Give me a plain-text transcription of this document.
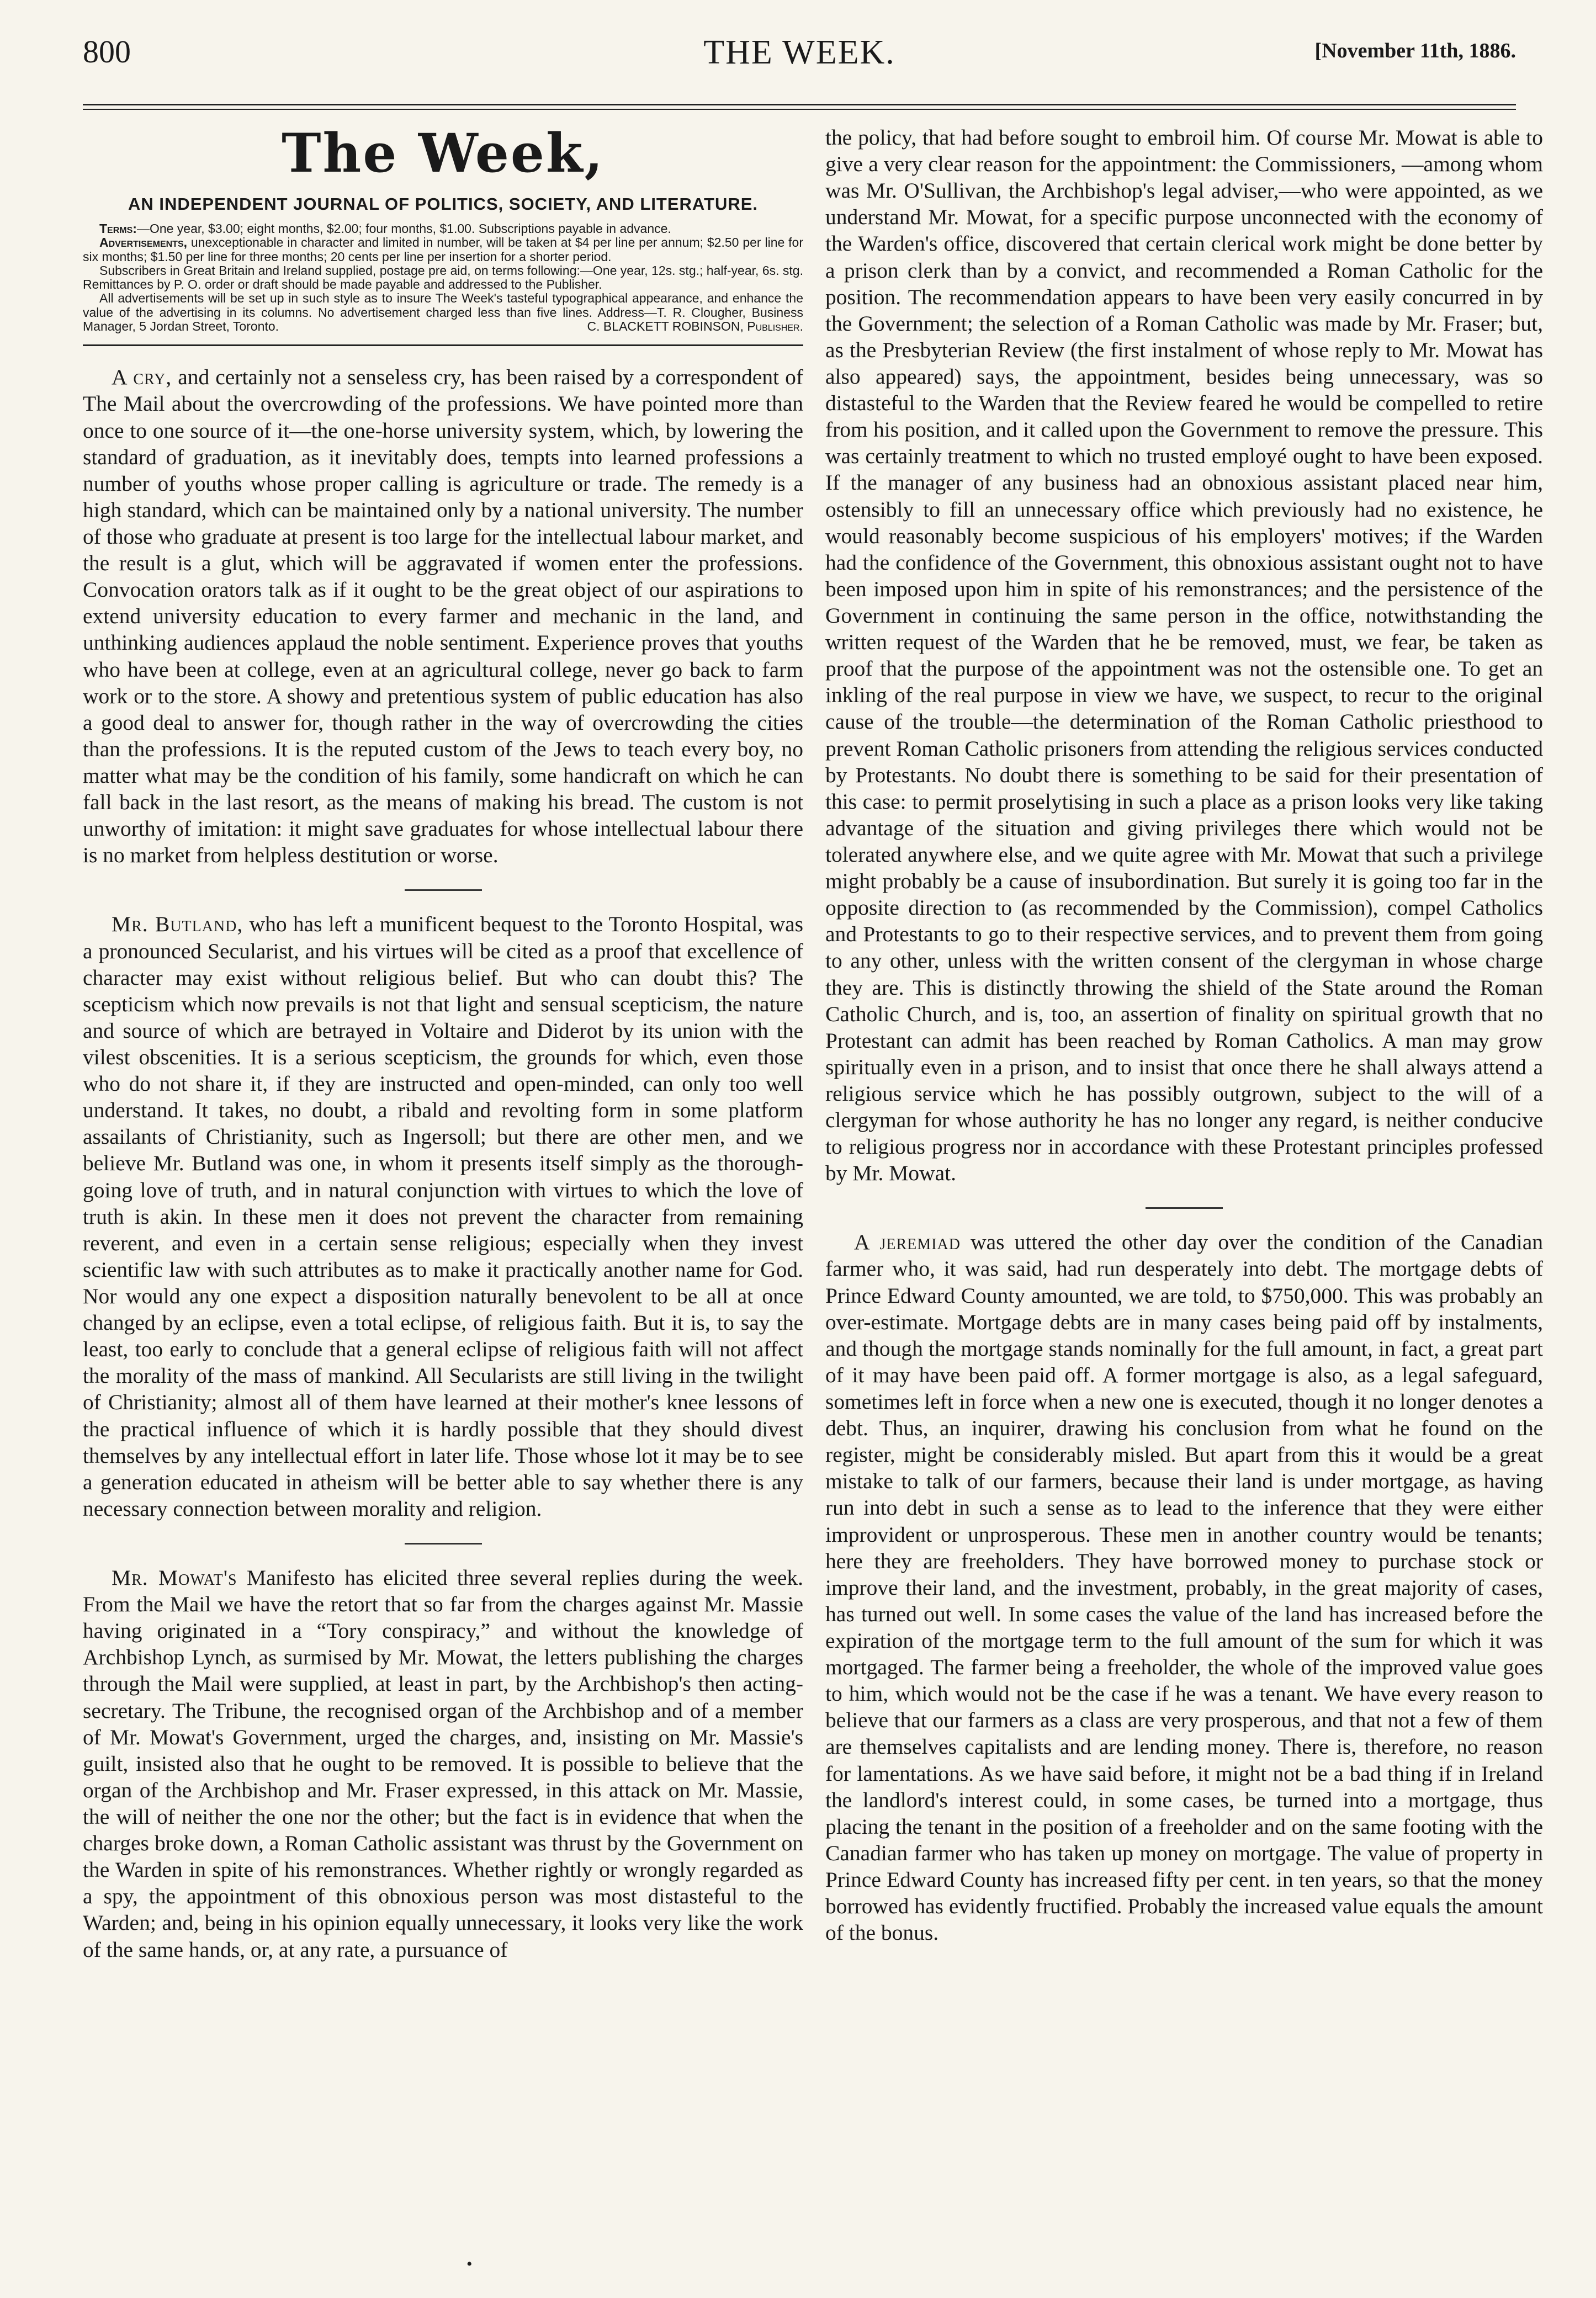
800	THE WEEK.	[November 11th, 1886.
The Week,
AN INDEPENDENT JOURNAL OF POLITICS, SOCIETY, AND LITERATURE.

Terms:—One year, $3.00; eight months, $2.00; four months, $1.00. Subscriptions payable in advance.

Advertisements, unexceptionable in character and limited in number, will be taken at $4 per line per annum; $2.50 per line for six months; $1.50 per line for three months; 20 cents per line per insertion for a shorter period.

Subscribers in Great Britain and Ireland supplied, postage pre aid, on terms following:—One year, 12s. stg.; half-year, 6s. stg. Remittances by P. O. order or draft should be made payable and addressed to the Publisher.

All advertisements will be set up in such style as to insure The Week's tasteful typographical appearance, and enhance the value of the advertising in its columns. No advertisement charged less than five lines. Address—T. R. Clougher, Business Manager, 5 Jordan Street, Toronto.	C. BLACKETT ROBINSON, Publisher.

A cry, and certainly not a senseless cry, has been raised by a correspondent of The Mail about the overcrowding of the professions. We have pointed more than once to one source of it—the one-horse university system, which, by lowering the standard of graduation, as it inevitably does, tempts into learned professions a number of youths whose proper calling is agriculture or trade. The remedy is a high standard, which can be maintained only by a national university. The number of those who graduate at present is too large for the intellectual labour market, and the result is a glut, which will be aggravated if women enter the professions. Convocation orators talk as if it ought to be the great object of our aspirations to extend university education to every farmer and mechanic in the land, and unthinking audiences applaud the noble sentiment. Experience proves that youths who have been at college, even at an agricultural college, never go back to farm work or to the store. A showy and pretentious system of public education has also a good deal to answer for, though rather in the way of overcrowding the cities than the professions. It is the reputed custom of the Jews to teach every boy, no matter what may be the condition of his family, some handicraft on which he can fall back in the last resort, as the means of making his bread. The custom is not unworthy of imitation: it might save graduates for whose intellectual labour there is no market from helpless destitution or worse.

Mr. Butland, who has left a munificent bequest to the Toronto Hospital, was a pronounced Secularist, and his virtues will be cited as a proof that excellence of character may exist without religious belief. But who can doubt this? The scepticism which now prevails is not that light and sensual scepticism, the nature and source of which are betrayed in Voltaire and Diderot by its union with the vilest obscenities. It is a serious scepticism, the grounds for which, even those who do not share it, if they are instructed and open-minded, can only too well understand. It takes, no doubt, a ribald and revolting form in some platform assailants of Christianity, such as Ingersoll; but there are other men, and we believe Mr. Butland was one, in whom it presents itself simply as the thorough-going love of truth, and in natural conjunction with virtues to which the love of truth is akin. In these men it does not prevent the character from remaining reverent, and even in a certain sense religious; especially when they invest scientific law with such attributes as to make it practically another name for God. Nor would any one expect a disposition naturally benevolent to be all at once changed by an eclipse, even a total eclipse, of religious faith. But it is, to say the least, too early to conclude that a general eclipse of religious faith will not affect the morality of the mass of mankind. All Secularists are still living in the twilight of Christianity; almost all of them have learned at their mother's knee lessons of the practical influence of which it is hardly possible that they should divest themselves by any intellectual effort in later life. Those whose lot it may be to see a generation educated in atheism will be better able to say whether there is any necessary connection between morality and religion.

Mr. Mowat's Manifesto has elicited three several replies during the week. From the Mail we have the retort that so far from the charges against Mr. Massie having originated in a “Tory conspiracy,” and without the knowledge of Archbishop Lynch, as surmised by Mr. Mowat, the letters publishing the charges through the Mail were supplied, at least in part, by the Archbishop's then acting-secretary. The Tribune, the recognised organ of the Archbishop and of a member of Mr. Mowat's Government, urged the charges, and, insisting on Mr. Massie's guilt, insisted also that he ought to be removed. It is possible to believe that the organ of the Archbishop and Mr. Fraser expressed, in this attack on Mr. Massie, the will of neither the one nor the other; but the fact is in evidence that when the charges broke down, a Roman Catholic assistant was thrust by the Government on the Warden in spite of his remonstrances. Whether rightly or wrongly regarded as a spy, the appointment of this obnoxious person was most distasteful to the Warden; and, being in his opinion equally unnecessary, it looks very like the work of the same hands, or, at any rate, a pursuance of

the policy, that had before sought to embroil him. Of course Mr. Mowat is able to give a very clear reason for the appointment: the Commissioners, —among whom was Mr. O'Sullivan, the Archbishop's legal adviser,—who were appointed, as we understand Mr. Mowat, for a specific purpose unconnected with the economy of the Warden's office, discovered that certain clerical work might be done better by a prison clerk than by a convict, and recommended a Roman Catholic for the position. The recommendation appears to have been very easily concurred in by the Government; the selection of a Roman Catholic was made by Mr. Fraser; but, as the Presbyterian Review (the first instalment of whose reply to Mr. Mowat has also appeared) says, the appointment, besides being unnecessary, was so distasteful to the Warden that the Review feared he would be compelled to retire from his position, and it called upon the Government to remove the pressure. This was certainly treatment to which no trusted employé ought to have been exposed. If the manager of any business had an obnoxious assistant placed near him, ostensibly to fill an unnecessary office which previously had no existence, he would reasonably become suspicious of his employers' motives; if the Warden had the confidence of the Government, this obnoxious assistant ought not to have been imposed upon him in spite of his remonstrances; and the persistence of the Government in continuing the same person in the office, notwithstanding the written request of the Warden that he be removed, must, we fear, be taken as proof that the purpose of the appointment was not the ostensible one. To get an inkling of the real purpose in view we have, we suspect, to recur to the original cause of the trouble—the determination of the Roman Catholic priesthood to prevent Roman Catholic prisoners from attending the religious services conducted by Protestants. No doubt there is something to be said for their presentation of this case: to permit proselytising in such a place as a prison looks very like taking advantage of the situation and giving privileges there which would not be tolerated anywhere else, and we quite agree with Mr. Mowat that such a privilege might probably be a cause of insubordination. But surely it is going too far in the opposite direction to (as recommended by the Commission), compel Catholics and Protestants to go to their respective services, and to prevent them from going to any other, unless with the written consent of the clergyman in whose charge they are. This is distinctly throwing the shield of the State around the Roman Catholic Church, and is, too, an assertion of finality on spiritual growth that no Protestant can admit has been reached by Roman Catholics. A man may grow spiritually even in a prison, and to insist that once there he shall always attend a religious service which he has possibly outgrown, subject to the will of a clergyman for whose authority he has no longer any regard, is neither conducive to religious progress nor in accordance with these Protestant principles professed by Mr. Mowat.

A jeremiad was uttered the other day over the condition of the Canadian farmer who, it was said, had run desperately into debt. The mortgage debts of Prince Edward County amounted, we are told, to $750,000. This was probably an over-estimate. Mortgage debts are in many cases being paid off by instalments, and though the mortgage stands nominally for the full amount, in fact, a great part of it may have been paid off. A former mortgage is also, as a legal safeguard, sometimes left in force when a new one is executed, though it no longer denotes a debt. Thus, an inquirer, drawing his conclusion from what he found on the register, might be considerably misled. But apart from this it would be a great mistake to talk of our farmers, because their land is under mortgage, as having run into debt in such a sense as to lead to the inference that they were either improvident or unprosperous. These men in another country would be tenants; here they are freeholders. They have borrowed money to purchase stock or improve their land, and the investment, probably, in the great majority of cases, has turned out well. In some cases the value of the land has increased before the expiration of the mortgage term to the full amount of the sum for which it was mortgaged. The farmer being a freeholder, the whole of the improved value goes to him, which would not be the case if he was a tenant. We have every reason to believe that our farmers as a class are very prosperous, and that not a few of them are themselves capitalists and are lending money. There is, therefore, no reason for lamentations. As we have said before, it might not be a bad thing if in Ireland the landlord's interest could, in some cases, be turned into a mortgage, thus placing the tenant in the position of a freeholder and on the same footing with the Canadian farmer who has taken up money on mortgage. The value of property in Prince Edward County has increased fifty per cent. in ten years, so that the money borrowed has evidently fructified. Probably the increased value equals the amount of the bonus.

•
